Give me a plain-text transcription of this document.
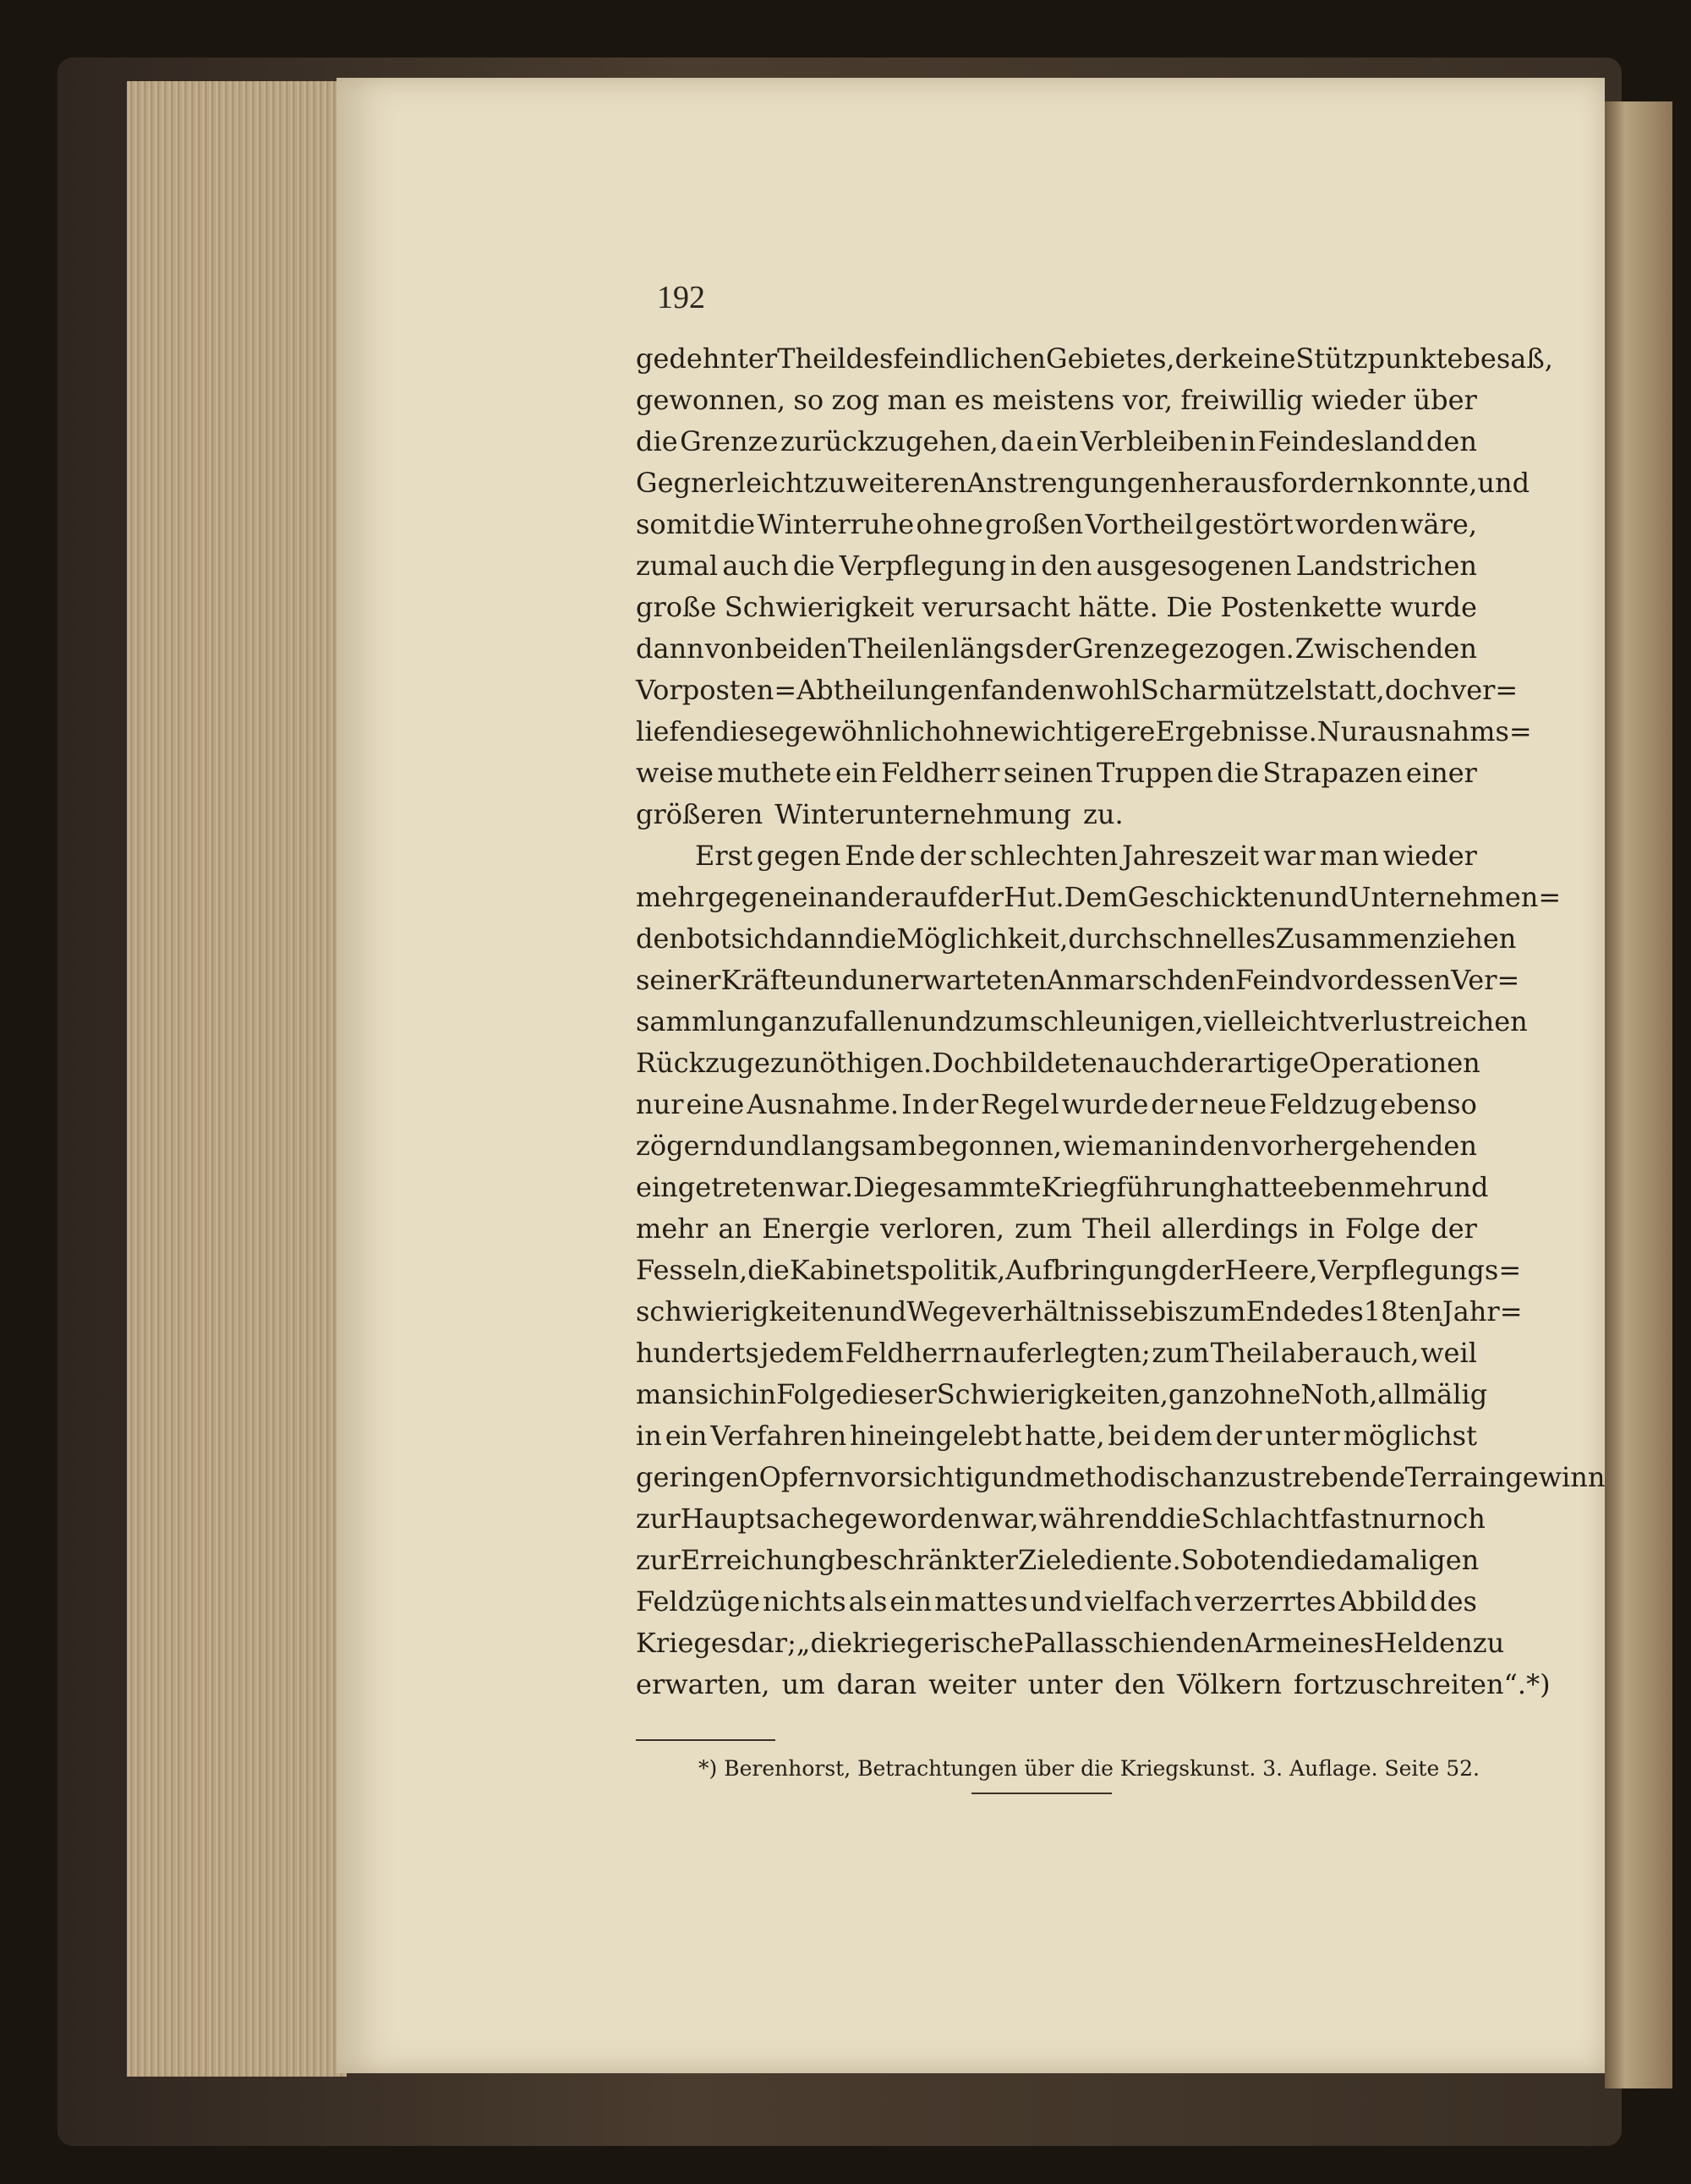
192
gedehnter Theil des feindlichen Gebietes, der keine Stützpunkte besaß,
gewonnen, so zog man es meistens vor, freiwillig wieder über
die Grenze zurückzugehen, da ein Verbleiben in Feindesland den
Gegner leicht zu weiteren Anstrengungen herausfordern konnte, und
somit die Winterruhe ohne großen Vortheil gestört worden wäre,
zumal auch die Verpflegung in den ausgesogenen Landstrichen
große Schwierigkeit verursacht hätte. Die Postenkette wurde
dann von beiden Theilen längs der Grenze gezogen. Zwischen den
Vorposten=Abtheilungen fanden wohl Scharmützel statt, doch ver=
liefen diese gewöhnlich ohne wichtigere Ergebnisse. Nur ausnahms=
weise muthete ein Feldherr seinen Truppen die Strapazen einer
größeren Winterunternehmung zu.
Erst gegen Ende der schlechten Jahreszeit war man wieder
mehr gegeneinander auf der Hut. Dem Geschickten und Unternehmen=
den bot sich dann die Möglichkeit, durch schnelles Zusammenziehen
seiner Kräfte und unerwarteten Anmarsch den Feind vor dessen Ver=
sammlung anzufallen und zum schleunigen, vielleicht verlustreichen
Rückzuge zu nöthigen. Doch bildeten auch derartige Operationen
nur eine Ausnahme. In der Regel wurde der neue Feldzug ebenso
zögernd und langsam begonnen, wie man in den vorhergehenden
eingetreten war. Die gesammte Kriegführung hatte eben mehr und
mehr an Energie verloren, zum Theil allerdings in Folge der
Fesseln, die Kabinetspolitik, Aufbringung der Heere, Verpflegungs=
schwierigkeiten und Wegeverhältnisse bis zum Ende des 18ten Jahr=
hunderts jedem Feldherrn auferlegten; zum Theil aber auch, weil
man sich in Folge dieser Schwierigkeiten, ganz ohne Noth, allmälig
in ein Verfahren hineingelebt hatte, bei dem der unter möglichst
geringen Opfern vorsichtig und methodisch anzustrebende Terraingewinn
zur Hauptsache geworden war, während die Schlacht fast nur noch
zur Erreichung beschränkter Ziele diente. So boten die damaligen
Feldzüge nichts als ein mattes und vielfach verzerrtes Abbild des
Krieges dar; „die kriegerische Pallas schien den Arm eines Helden zu
erwarten, um daran weiter unter den Völkern fortzuschreiten“.*)
*) Berenhorst, Betrachtungen über die Kriegskunst. 3. Auflage. Seite 52.
